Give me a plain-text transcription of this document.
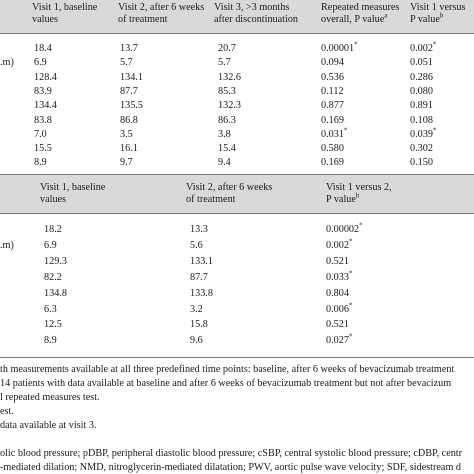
Visit 1, baseline
values
Visit 2, after 6 weeks
of treatment
Visit 3, >3 months
after discontinuation
Repeated measures
overall, P value$^a$
Visit 1 versus
P value$^b$
18.4	13.7	20.7	0.00001*	0.002*
.m) 6.9	5.7	5.7	0.094	0.051
128.4	134.1	132.6	0.536	0.286
83.9	87.7	85.3	0.112	0.080
134.4	135.5	132.3	0.877	0.891
83.8	86.8	86.3	0.169	0.108
7.0	3.5	3.8	0.031*	0.039*
15.5	16.1	15.4	0.580	0.302
8.9	9.7	9.4	0.169	0.150
Visit 1, baseline
values
Visit 2, after 6 weeks
of treatment
Visit 1 versus 2,
P value$^b$
18.2	13.3	0.00002*
.m)	6.9	5.6	0.002*
129.3	133.1	0.521
82.2	87.7	0.033*
134.8	133.8	0.804
6.3	3.2	0.006*
12.5	15.8	0.521
8.9	9.6	0.027*
th measurements available at all three predefined time points: baseline, after 6 weeks of bevacizumab treatment
14 patients with data available at baseline and after 6 weeks of bevacizumab treatment but not after bevacizum
l repeated measures test.
est.
data available at visit 3.
olic blood pressure; pDBP, peripheral diastolic blood pressure; cSBP, central systolic blood pressure; cDBP, centr
-mediated dilation; NMD, nitroglycerin-mediated dilatation; PWV, aortic pulse wave velocity; SDF, sidestream d
